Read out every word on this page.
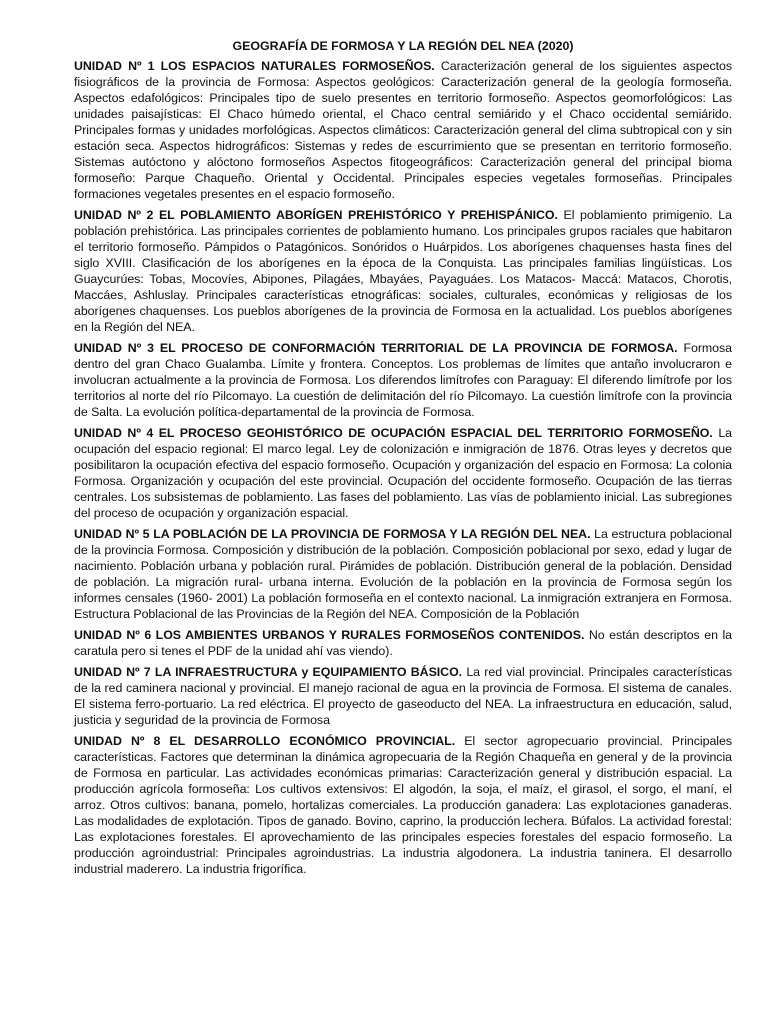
GEOGRAFÍA DE FORMOSA Y LA REGIÓN DEL NEA (2020)

UNIDAD Nº 1 LOS ESPACIOS NATURALES FORMOSEÑOS. Caracterización general de los siguientes aspectos fisiográficos de la provincia de Formosa: Aspectos geológicos: Caracterización general de la geología formoseña. Aspectos edafológicos: Principales tipo de suelo presentes en territorio formoseño. Aspectos geomorfológicos: Las unidades paisajísticas: El Chaco húmedo oriental, el Chaco central semiárido y el Chaco occidental semiárido. Principales formas y unidades morfológicas. Aspectos climáticos: Caracterización general del clima subtropical con y sin estación seca. Aspectos hidrográficos: Sistemas y redes de escurrimiento que se presentan en territorio formoseño. Sistemas autóctono y alóctono formoseños Aspectos fitogeográficos: Caracterización general del principal bioma formoseño: Parque Chaqueño. Oriental y Occidental. Principales especies vegetales formoseñas. Principales formaciones vegetales presentes en el espacio formoseño.

UNIDAD Nº 2 EL POBLAMIENTO ABORÍGEN PREHISTÓRICO Y PREHISPÁNICO. El poblamiento primigenio. La población prehistórica. Las principales corrientes de poblamiento humano. Los principales grupos raciales que habitaron el territorio formoseño. Pámpidos o Patagónicos. Sonóridos o Huárpidos. Los aborígenes chaquenses hasta fines del siglo XVIII. Clasificación de los aborígenes en la época de la Conquista. Las principales familias lingüísticas. Los Guaycurúes: Tobas, Mocovíes, Abipones, Pilagáes, Mbayáes, Payaguáes. Los Matacos- Maccá: Matacos, Chorotis, Maccáes, Ashluslay. Principales características etnográficas: sociales, culturales, económicas y religiosas de los aborígenes chaquenses. Los pueblos aborígenes de la provincia de Formosa en la actualidad. Los pueblos aborígenes en la Región del NEA.

UNIDAD Nº 3 EL PROCESO DE CONFORMACIÓN TERRITORIAL DE LA PROVINCIA DE FORMOSA. Formosa dentro del gran Chaco Gualamba. Límite y frontera. Conceptos. Los problemas de límites que antaño involucraron e involucran actualmente a la provincia de Formosa. Los diferendos limítrofes con Paraguay: El diferendo limítrofe por los territorios al norte del río Pilcomayo. La cuestión de delimitación del río Pilcomayo. La cuestión limítrofe con la provincia de Salta. La evolución política-departamental de la provincia de Formosa.

UNIDAD Nº 4 EL PROCESO GEOHISTÓRICO DE OCUPACIÓN ESPACIAL DEL TERRITORIO FORMOSEÑO. La ocupación del espacio regional: El marco legal. Ley de colonización e inmigración de 1876. Otras leyes y decretos que posibilitaron la ocupación efectiva del espacio formoseño. Ocupación y organización del espacio en Formosa: La colonia Formosa. Organización y ocupación del este provincial. Ocupación del occidente formoseño. Ocupación de las tierras centrales. Los subsistemas de poblamiento. Las fases del poblamiento. Las vías de poblamiento inicial. Las subregiones del proceso de ocupación y organización espacial.

UNIDAD Nº 5 LA POBLACIÓN DE LA PROVINCIA DE FORMOSA Y LA REGIÓN DEL NEA. La estructura poblacional de la provincia Formosa. Composición y distribución de la población. Composición poblacional por sexo, edad y lugar de nacimiento. Población urbana y población rural. Pirámides de población. Distribución general de la población. Densidad de población. La migración rural- urbana interna. Evolución de la población en la provincia de Formosa según los informes censales (1960- 2001) La población formoseña en el contexto nacional. La inmigración extranjera en Formosa. Estructura Poblacional de las Provincias de la Región del NEA. Composición de la Población

UNIDAD Nº 6 LOS AMBIENTES URBANOS Y RURALES FORMOSEÑOS CONTENIDOS. No están descriptos en la caratula pero si tenes el PDF de la unidad ahí vas viendo).

UNIDAD Nº 7 LA INFRAESTRUCTURA y EQUIPAMIENTO BÁSICO. La red vial provincial. Principales características de la red caminera nacional y provincial. El manejo racional de agua en la provincia de Formosa. El sistema de canales. El sistema ferro-portuario. La red eléctrica. El proyecto de gaseoducto del NEA. La infraestructura en educación, salud, justicia y seguridad de la provincia de Formosa

UNIDAD Nº 8 EL DESARROLLO ECONÓMICO PROVINCIAL. El sector agropecuario provincial. Principales características. Factores que determinan la dinámica agropecuaria de la Región Chaqueña en general y de la provincia de Formosa en particular. Las actividades económicas primarias: Caracterización general y distribución espacial. La producción agrícola formoseña: Los cultivos extensivos: El algodón, la soja, el maíz, el girasol, el sorgo, el maní, el arroz. Otros cultivos: banana, pomelo, hortalizas comerciales. La producción ganadera: Las explotaciones ganaderas. Las modalidades de explotación. Tipos de ganado. Bovino, caprino, la producción lechera. Búfalos. La actividad forestal: Las explotaciones forestales. El aprovechamiento de las principales especies forestales del espacio formoseño. La producción agroindustrial: Principales agroindustrias. La industria algodonera. La industria taninera. El desarrollo industrial maderero. La industria frigorífica.
